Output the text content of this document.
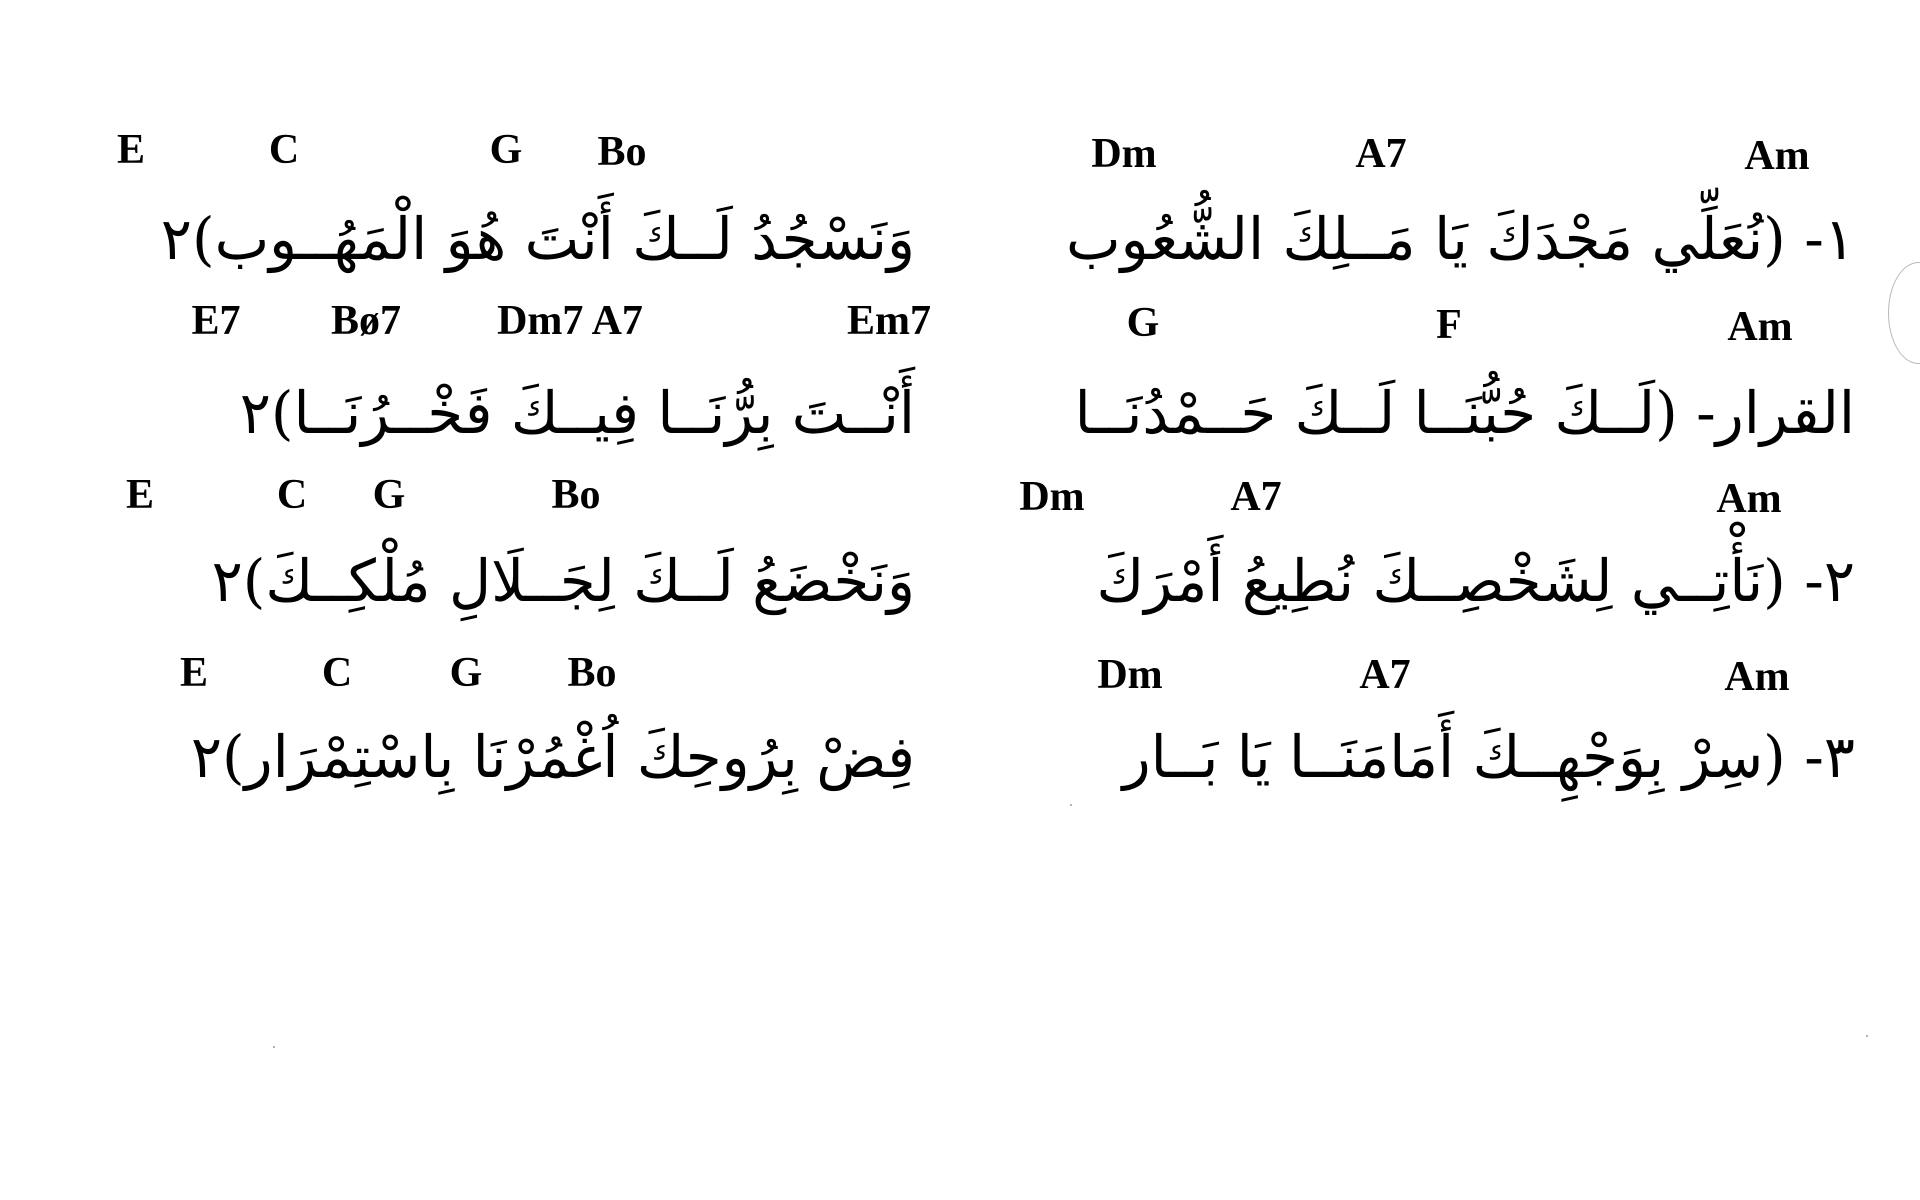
E	C	G Bo	Dm	A7	Am
١- (نُعَلِّي مَجْدَكَ يَا مَــلِكَ الشُّعُوب
وَنَسْجُدُ لَــكَ أَنْتَ هُوَ الْمَهُــوب)٢
E7 Bø7 Dm7 A7	Em7	G	F	Am
القرار- (لَــكَ حُبُّنَــا لَــكَ حَــمْدُنَــا
أَنْــتَ بِرُّنَــا فِيــكَ فَخْــرُنَــا)٢
E	C G	Bo	Dm	A7	Am
٢- (نَأْتِــي لِشَخْصِــكَ نُطِيعُ أَمْرَكَ
وَنَخْضَعُ لَــكَ لِجَــلَالِ مُلْكِــكَ)٢
E	C G Bo	Dm	A7	Am
٣- (سِرْ بِوَجْهِــكَ أَمَامَنَــا يَا بَــار
فِضْ بِرُوحِكَ اُغْمُرْنَا بِاسْتِمْرَار)٢
